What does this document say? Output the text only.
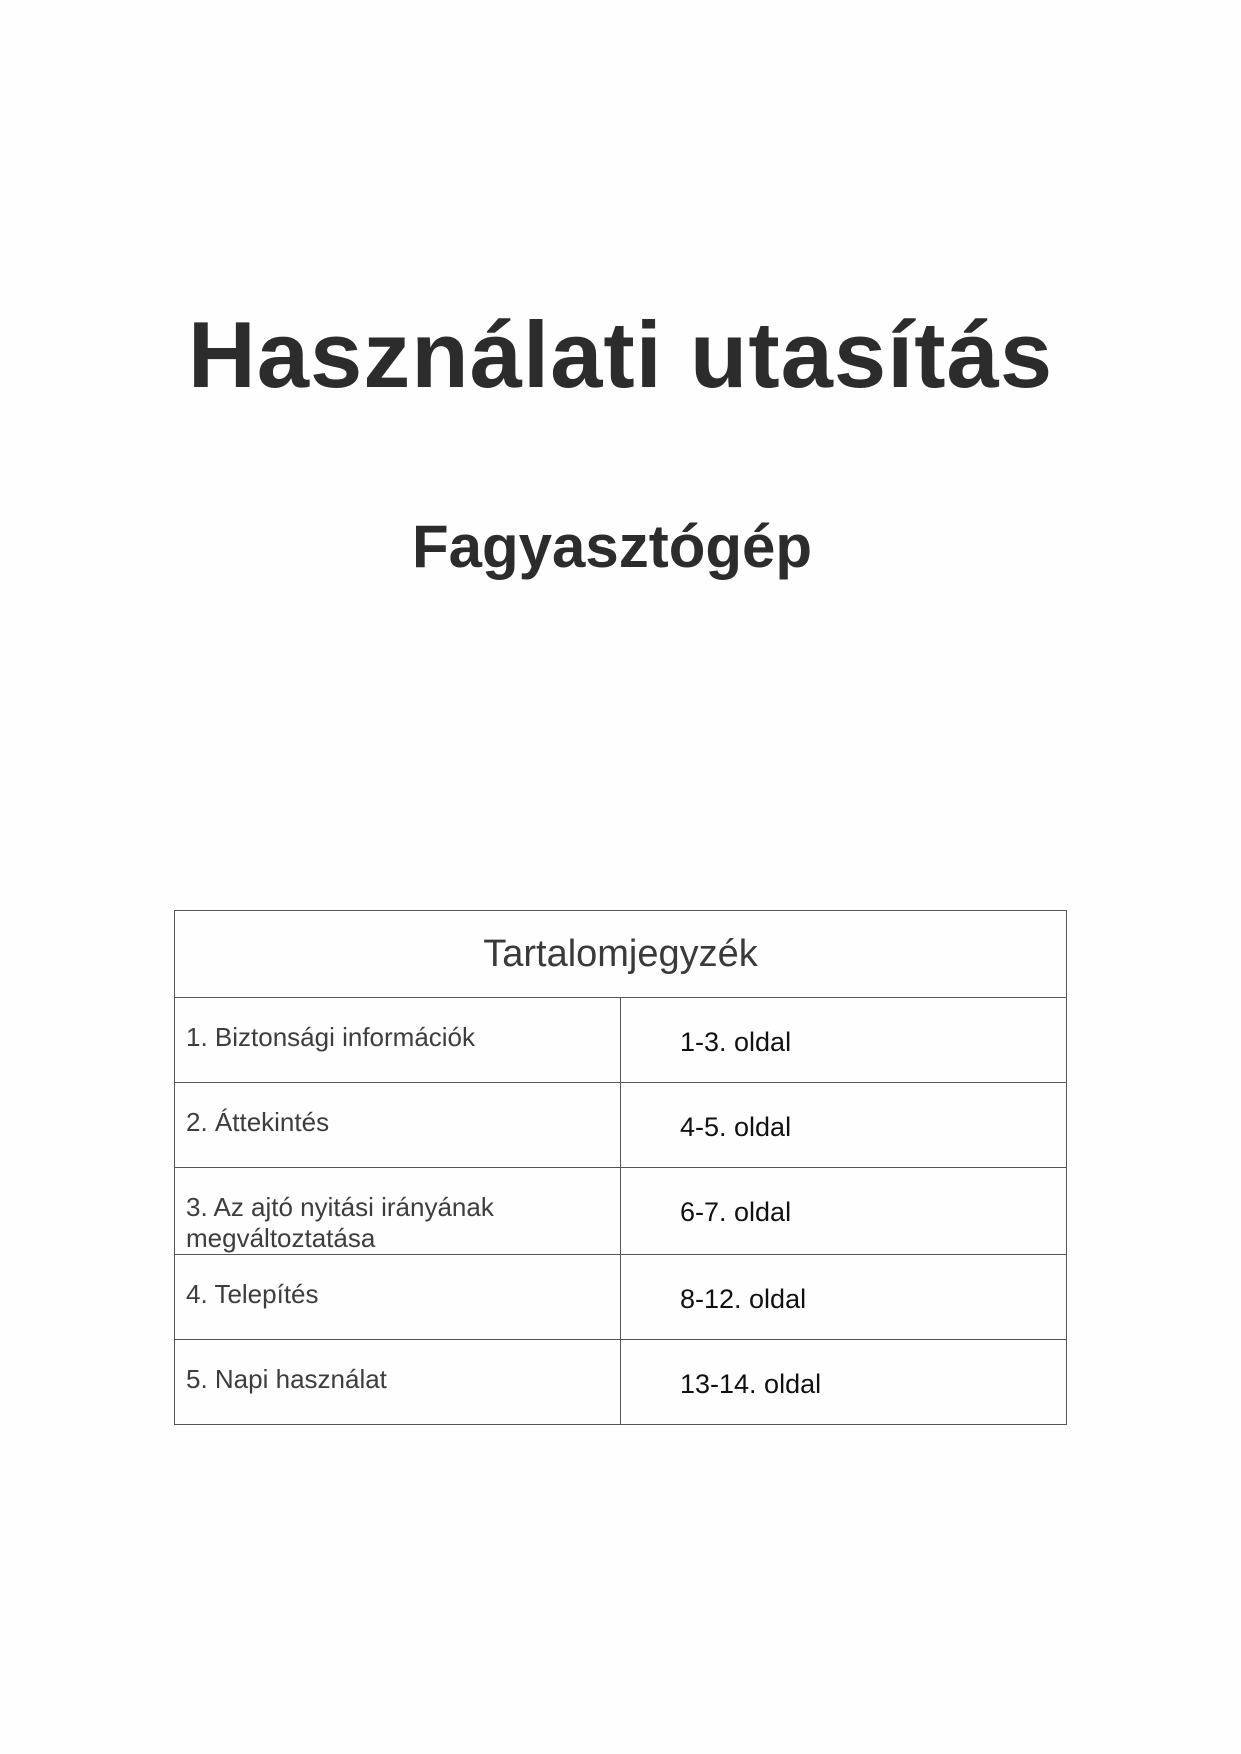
Használati utasítás
Fagyasztógép
Tartalomjegyzék	
1. Biztonsági információk	1-3. oldal
2. Áttekintés	4-5. oldal
3. Az ajtó nyitási irányának megváltoztatása	6-7. oldal
4. Telepítés	8-12. oldal
5. Napi használat	13-14. oldal
